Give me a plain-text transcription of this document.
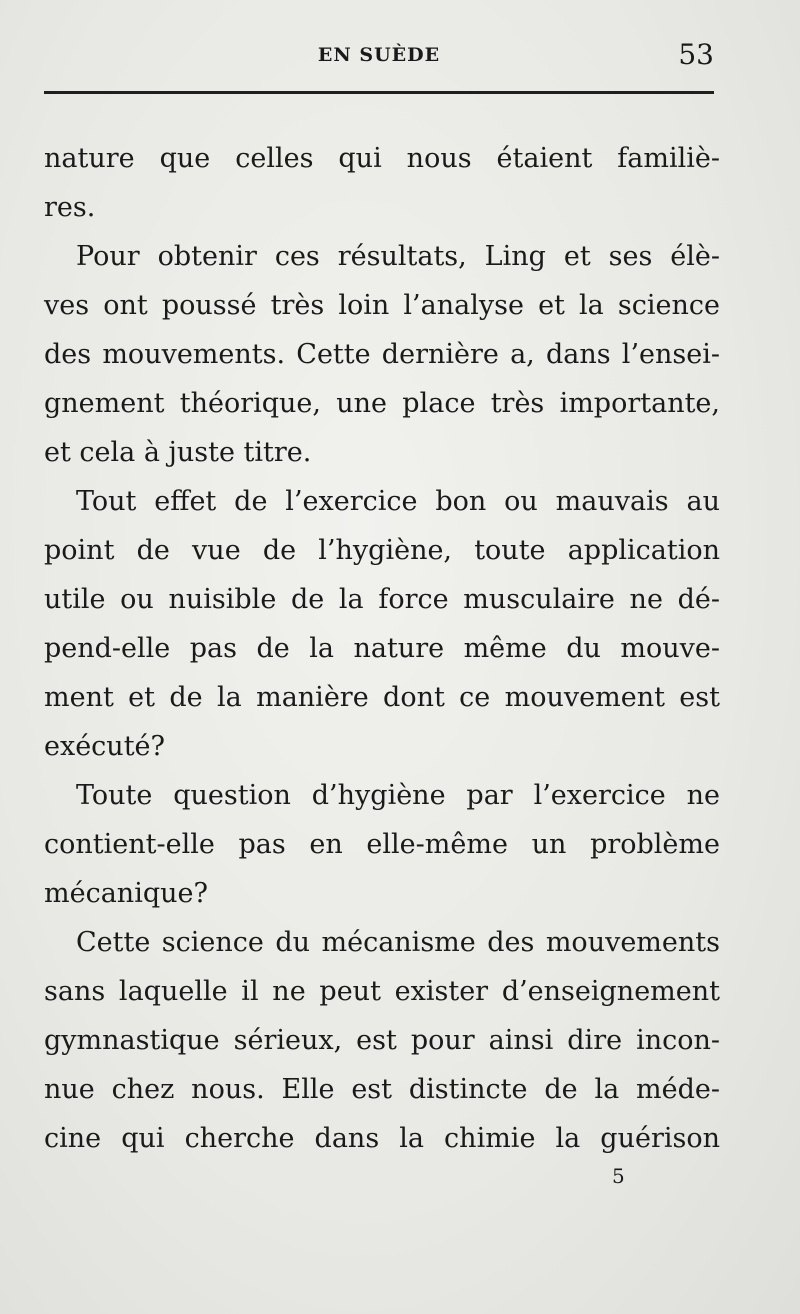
EN SUÈDE	53
nature que celles qui nous étaient familiè-
res.
Pour obtenir ces résultats, Ling et ses élè-
ves ont poussé très loin l’analyse et la science
des mouvements. Cette dernière a, dans l’ensei-
gnement théorique, une place très importante,
et cela à juste titre.
Tout effet de l’exercice bon ou mauvais au
point de vue de l’hygiène, toute application
utile ou nuisible de la force musculaire ne dé-
pend-elle pas de la nature même du mouve-
ment et de la manière dont ce mouvement est
exécuté?
Toute question d’hygiène par l’exercice ne
contient-elle pas en elle-même un problème
mécanique?
Cette science du mécanisme des mouvements
sans laquelle il ne peut exister d’enseignement
gymnastique sérieux, est pour ainsi dire incon-
nue chez nous. Elle est distincte de la méde-
cine qui cherche dans la chimie la guérison
5
